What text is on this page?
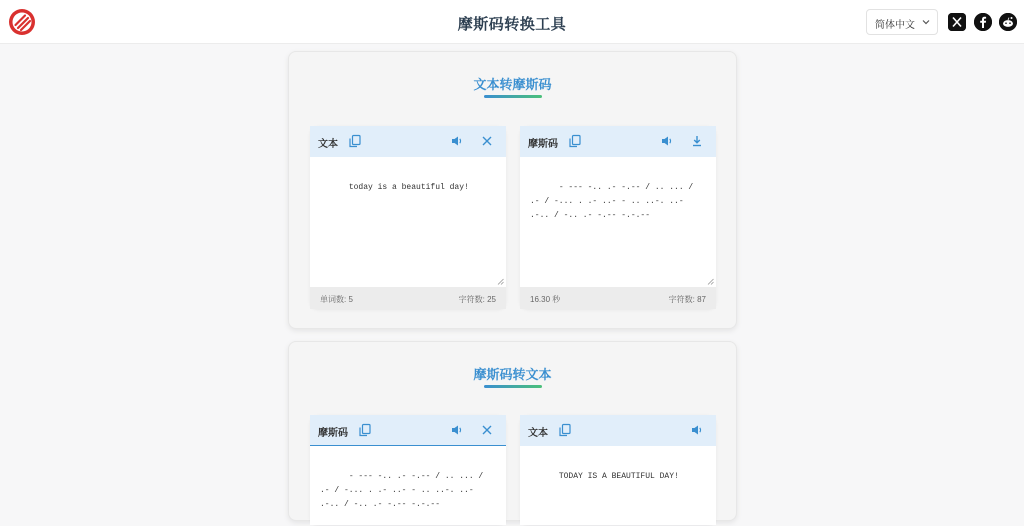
摩斯码转换工具	简体中文
文本转摩斯码
文本

today is a beautiful day!

单词数: 5	字符数: 25
摩斯码

- --- -.. .- -.-- / .. ... / .- / -... . .- ..- - .. ..-. ..- .-.. / -.. .- -.-- -.-.--

16.30 秒	字符数: 87
摩斯码转文本
摩斯码

- --- -.. .- -.-- / .. ... / .- / -... . .- ..- - .. ..-. ..- .-.. / -.. .- -.-- -.-.--

文本

TODAY IS A BEAUTIFUL DAY!
